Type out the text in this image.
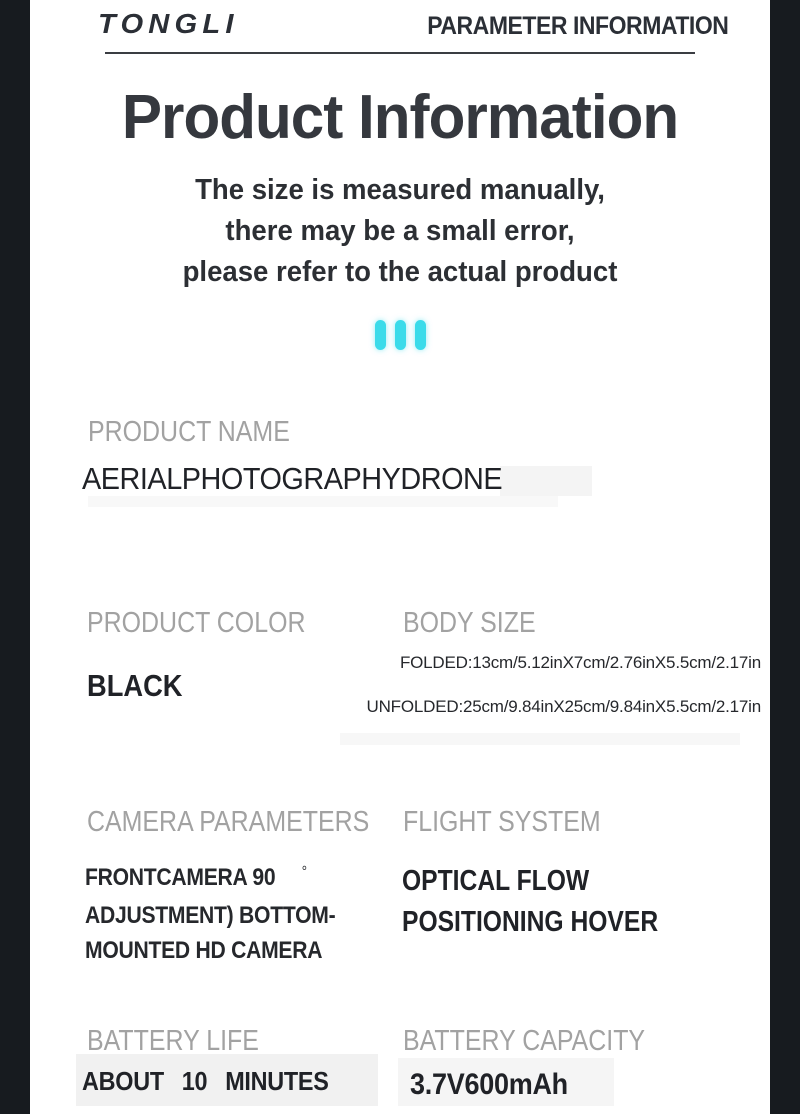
TONGLI	PARAMETER INFORMATION
Product Information
The size is measured manually,
there may be a small error,
please refer to the actual product
PRODUCT NAME
AERIALPHOTOGRAPHYDRONE
PRODUCT COLOR
BLACK
BODY SIZE
FOLDED:13cm/5.12inX7cm/2.76inX5.5cm/2.17in
UNFOLDED:25cm/9.84inX25cm/9.84inX5.5cm/2.17in
CAMERA PARAMETERS
FRONTCAMERA 90 °
ADJUSTMENT) BOTTOM-
MOUNTED HD CAMERA
FLIGHT SYSTEM
OPTICAL FLOW
POSITIONING HOVER
BATTERY LIFE
ABOUT 10 MINUTES
BATTERY CAPACITY
3.7V600mAh
